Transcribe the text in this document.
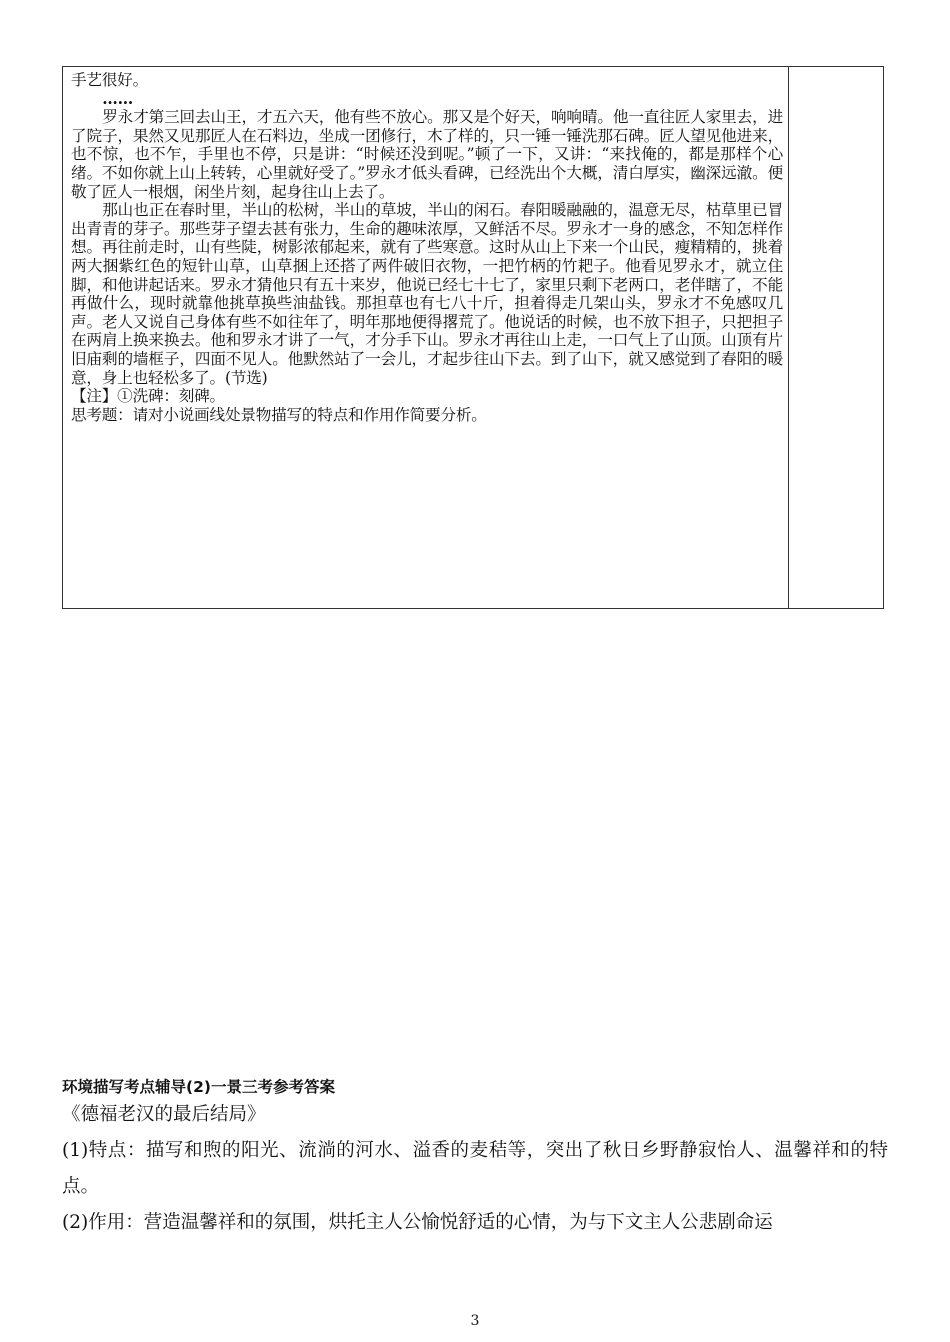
手艺很好。

……

罗永才第三回去山王，才五六天，他有些不放心。那又是个好天，响响晴。他一直往匠人家里去，进了院子，果然又见那匠人在石料边，坐成一团修行，木了样的，只一锤一锤洗那石碑。匠人望见他进来，也不惊，也不乍，手里也不停，只是讲：“时候还没到呢。”顿了一下，又讲：“来找俺的，都是那样个心绪。不如你就上山上转转，心里就好受了。”罗永才低头看碑，已经洗出个大概，清白厚实，幽深远澈。便敬了匠人一根烟，闲坐片刻，起身往山上去了。

那山也正在春时里，半山的松树，半山的草坡，半山的闲石。春阳暖融融的，温意无尽，枯草里已冒出青青的芽子。那些芽子望去甚有张力，生命的趣味浓厚，又鲜活不尽。罗永才一身的感念，不知怎样作想。再往前走时，山有些陡，树影浓郁起来，就有了些寒意。这时从山上下来一个山民，瘦精精的，挑着两大捆紫红色的短针山草，山草捆上还搭了两件破旧衣物，一把竹柄的竹耙子。他看见罗永才，就立住脚，和他讲起话来。罗永才猜他只有五十来岁，他说已经七十七了，家里只剩下老两口，老伴瞎了，不能再做什么，现时就靠他挑草换些油盐钱。那担草也有七八十斤，担着得走几架山头，罗永才不免感叹几声。老人又说自己身体有些不如往年了，明年那地便得撂荒了。他说话的时候，也不放下担子，只把担子在两肩上换来换去。他和罗永才讲了一气，才分手下山。罗永才再往山上走，一口气上了山顶。山顶有片旧庙剩的墙框子，四面不见人。他默然站了一会儿，才起步往山下去。到了山下，就又感觉到了春阳的暖意，身上也轻松多了。(节选)

【注】①洗碑：刻碑。

思考题：请对小说画线处景物描写的特点和作用作简要分析。

环境描写考点辅导(2)一景三考参考答案

《德福老汉的最后结局》

(1)特点：描写和煦的阳光、流淌的河水、溢香的麦秸等，突出了秋日乡野静寂怡人、温馨祥和的特点。

(2)作用：营造温馨祥和的氛围，烘托主人公愉悦舒适的心情，为与下文主人公悲剧命运

3
